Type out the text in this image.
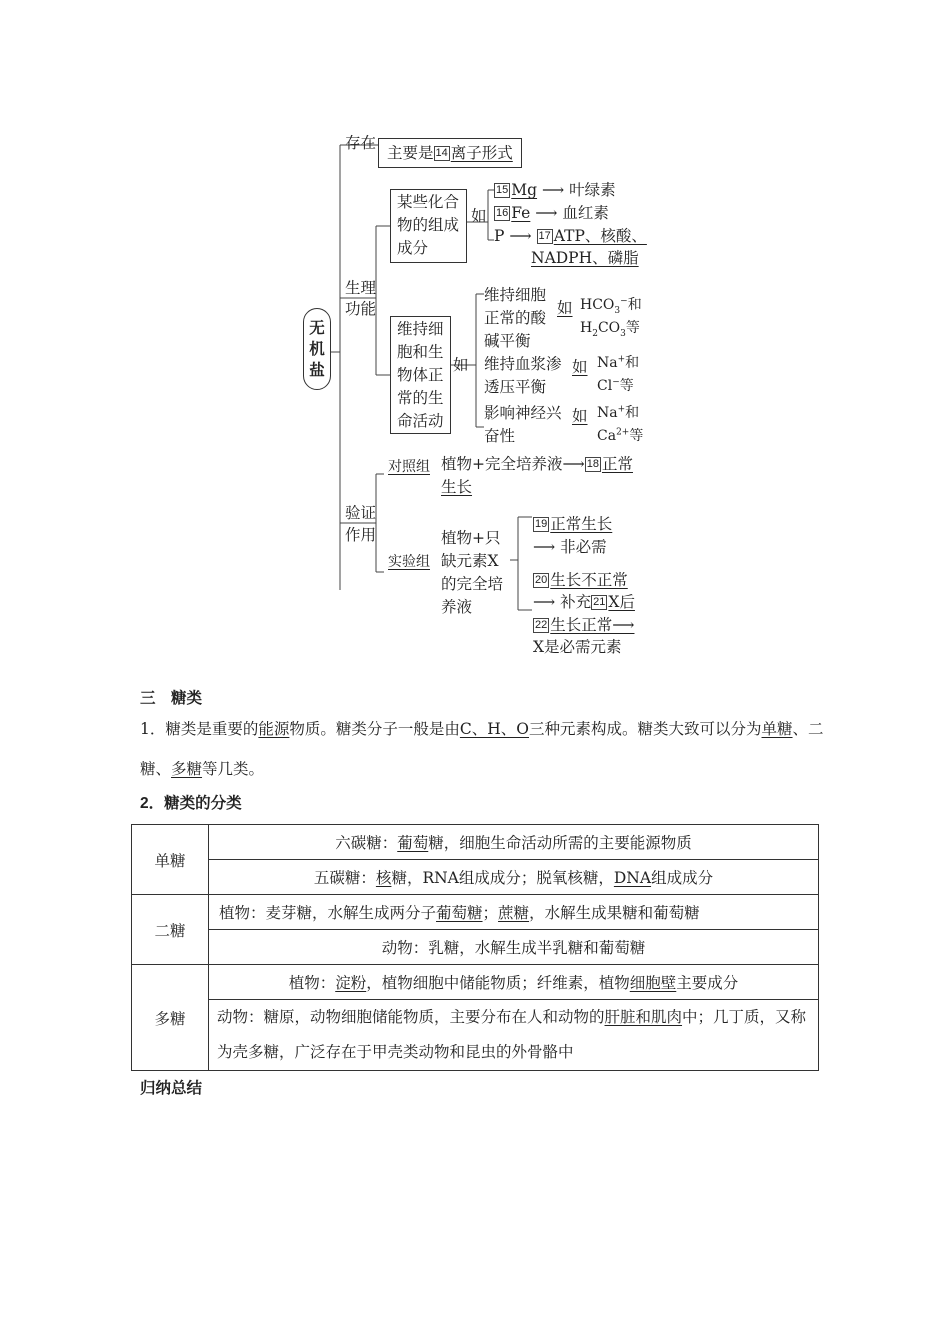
无
机
盐
存在
主要是 14 离子形式
生理
功能
某些化合
物的组成
成分
如
15 Mg ⟶ 叶绿素
16 Fe ⟶ 血红素
P ⟶ 17 ATP、核酸、
NADPH、磷脂
维持细
胞和生
物体正
常的生
命活动
如
维持细胞
正常的酸
碱平衡
如 $HCO_3^-$和
$H_2CO_3$等
维持血浆渗
透压平衡
如 Na+和
Cl−等
影响神经兴
奋性
如 Na+和
$Ca^{2+}$等
验证
作用
对照组 植物+完全培养液⟶ 18 正常
生长
实验组
植物+只
缺元素X
的完全培
养液
19 正常生长
⟶ 非必需
20 生长不正常
⟶ 补充 21 X后
22 生长正常⟶
X是必需元素
三　糖类
1．糖类是重要的能源物质。糖类分子一般是由C、H、O三种元素构成。糖类大致可以分为单糖、二糖、多糖等几类。
2．糖类的分类
单糖	六碳糖：葡萄糖，细胞生命活动所需的主要能源物质
	五碳糖：核糖，RNA组成成分；脱氧核糖，DNA组成成分
二糖	植物：麦芽糖，水解生成两分子葡萄糖；蔗糖，水解生成果糖和葡萄糖
	动物：乳糖，水解生成半乳糖和葡萄糖
多糖	植物：淀粉，植物细胞中储能物质；纤维素，植物细胞壁主要成分
	动物：糖原，动物细胞储能物质，主要分布在人和动物的肝脏和肌肉中；几丁质，又称为壳多糖，广泛存在于甲壳类动物和昆虫的外骨骼中
归纳总结
